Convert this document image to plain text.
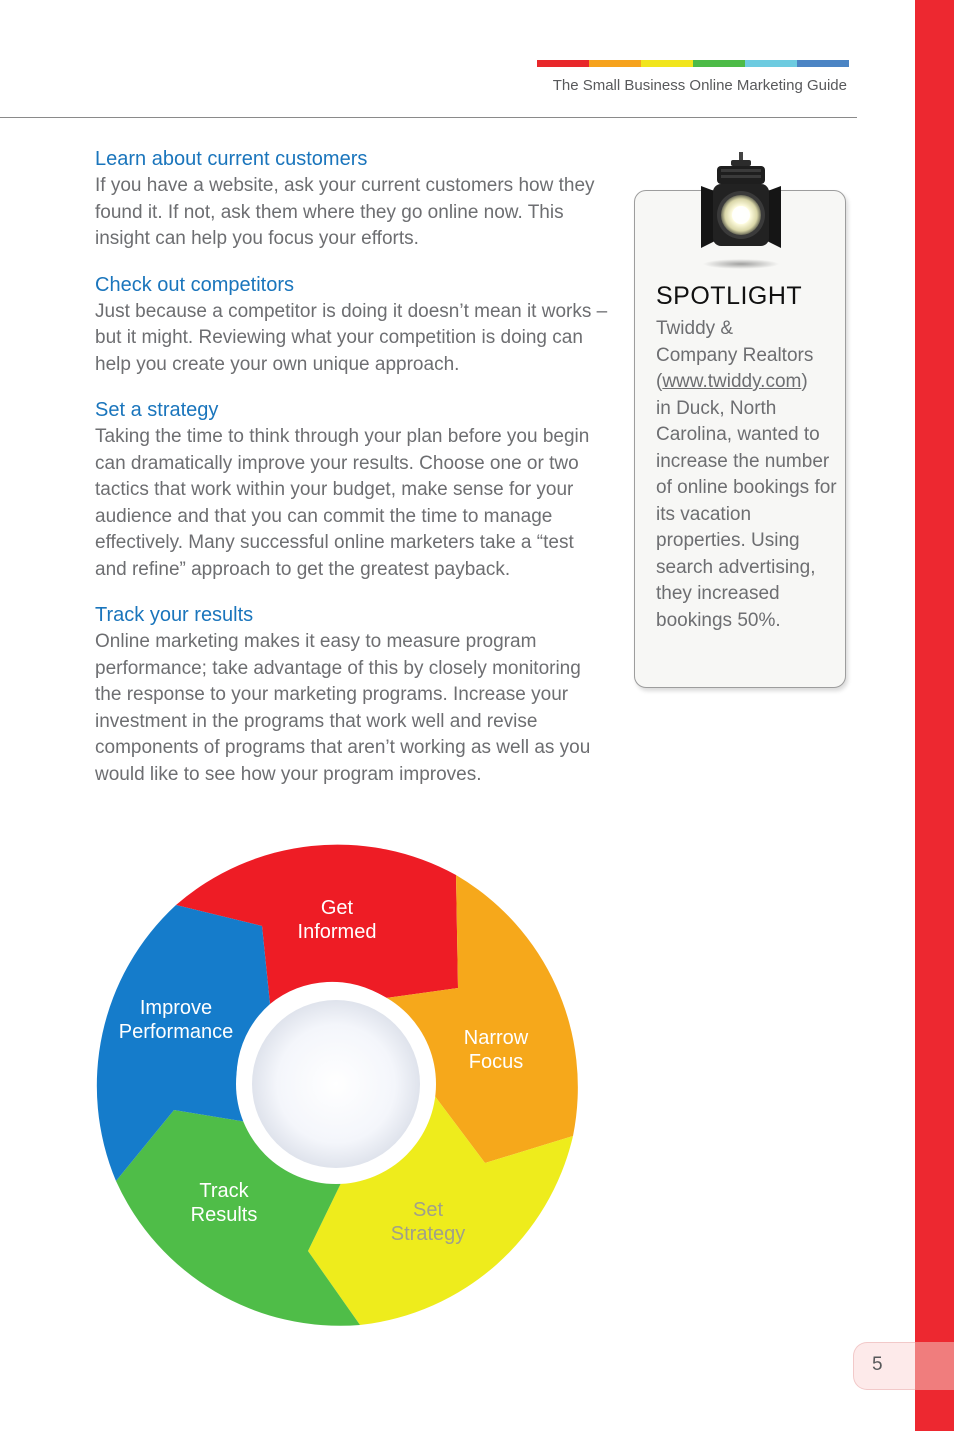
The Small Business Online Marketing Guide
Learn about current customers

If you have a website, ask your current customers how they found it. If not, ask them where they go online now. This insight can help you focus your efforts.

Check out competitors

Just because a competitor is doing it doesn’t mean it works – but it might. Reviewing what your competition is doing can help you create your own unique approach.

Set a strategy

Taking the time to think through your plan before you begin can dramatically improve your results. Choose one or two tactics that work within your budget, make sense for your audience and that you can commit the time to manage effectively. Many successful online marketers take a “test and refine” approach to get the greatest payback.

Track your results

Online marketing makes it easy to measure program performance; take advantage of this by closely monitoring the response to your marketing programs. Increase your investment in the programs that work well and revise components of programs that aren’t working as well as you would like to see how your program improves.

SPOTLIGHT
Twiddy &
Company Realtors
(www.twiddy.com)
in Duck, North Carolina, wanted to increase the number of online bookings for its vacation properties. Using search advertising, they increased bookings 50%.
Get
Informed
Narrow
Focus
Set
Strategy
Track
Results
Improve
Performance
5
